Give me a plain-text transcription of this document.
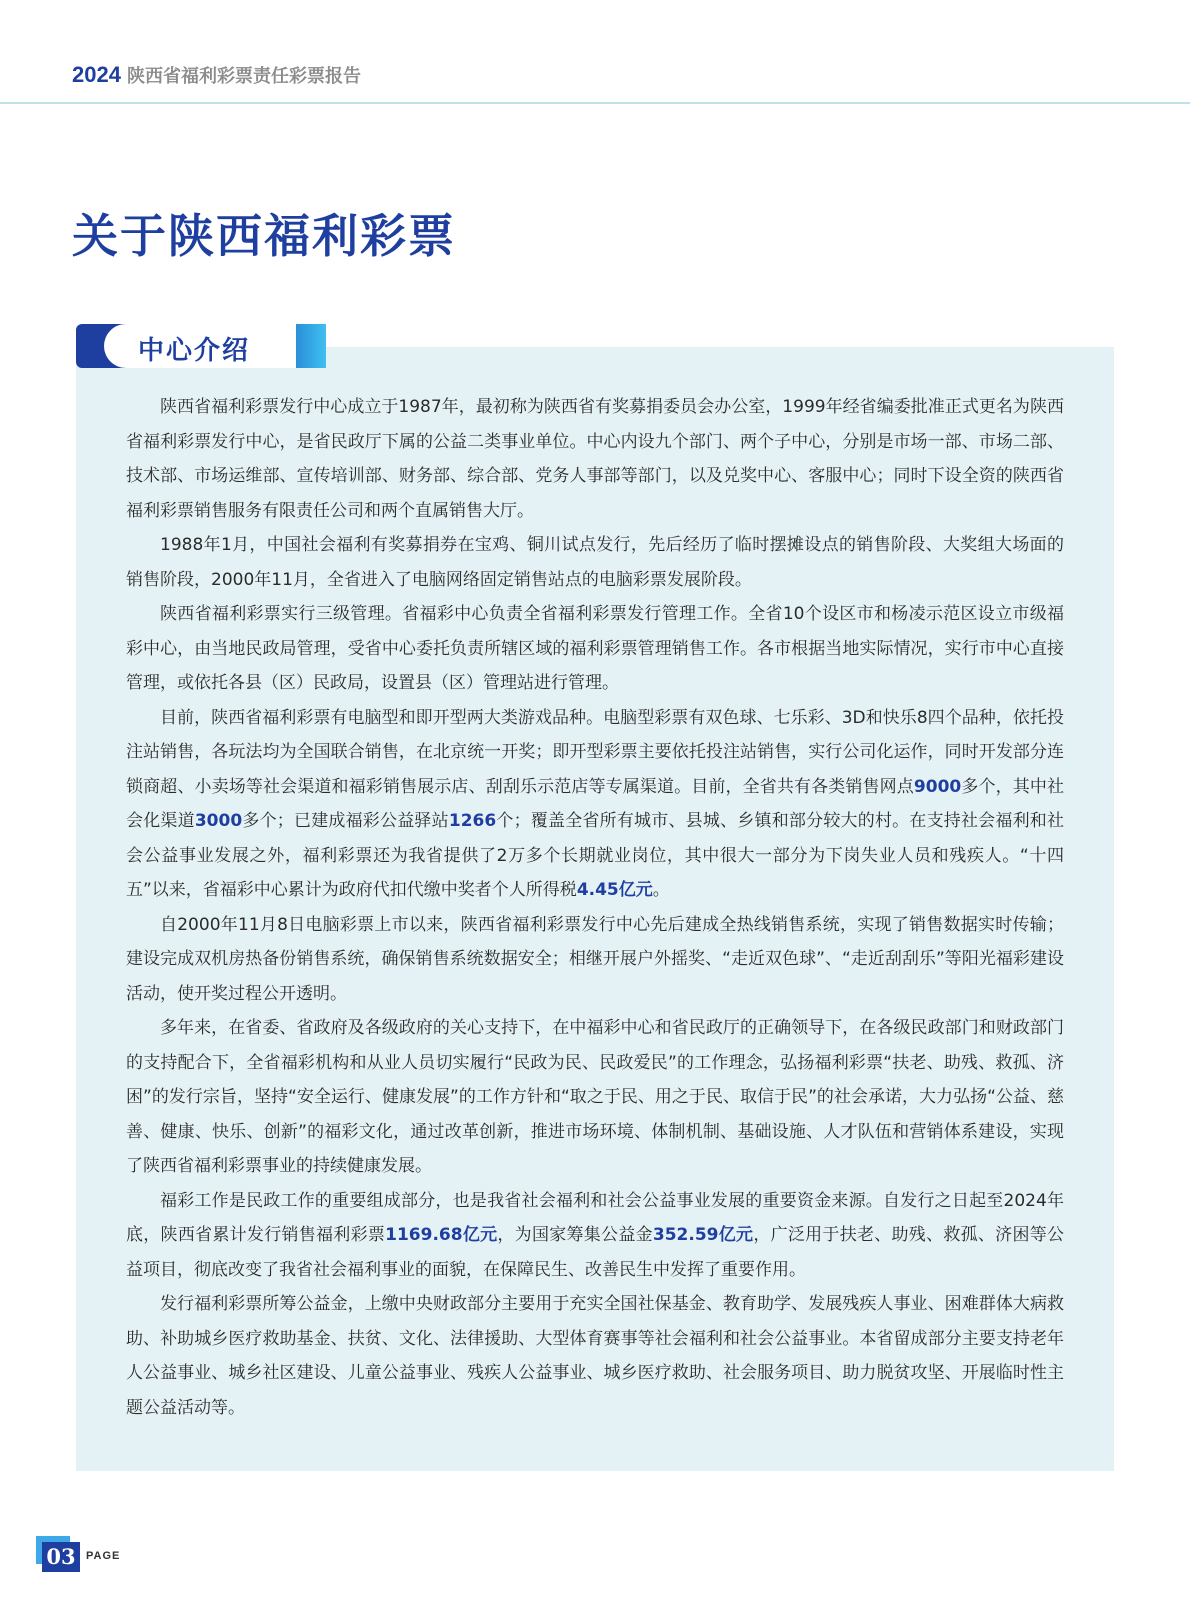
2024 陕西省福利彩票责任彩票报告
关于陕西福利彩票
中心介绍

陕西省福利彩票发行中心成立于1987年，最初称为陕西省有奖募捐委员会办公室，1999年经省编委批准正式更名为陕西省福利彩票发行中心，是省民政厅下属的公益二类事业单位。中心内设九个部门、两个子中心，分别是市场一部、市场二部、技术部、市场运维部、宣传培训部、财务部、综合部、党务人事部等部门，以及兑奖中心、客服中心；同时下设全资的陕西省福利彩票销售服务有限责任公司和两个直属销售大厅。

1988年1月，中国社会福利有奖募捐券在宝鸡、铜川试点发行，先后经历了临时摆摊设点的销售阶段、大奖组大场面的销售阶段，2000年11月，全省进入了电脑网络固定销售站点的电脑彩票发展阶段。

陕西省福利彩票实行三级管理。省福彩中心负责全省福利彩票发行管理工作。全省10个设区市和杨凌示范区设立市级福彩中心，由当地民政局管理，受省中心委托负责所辖区域的福利彩票管理销售工作。各市根据当地实际情况，实行市中心直接管理，或依托各县（区）民政局，设置县（区）管理站进行管理。

目前，陕西省福利彩票有电脑型和即开型两大类游戏品种。电脑型彩票有双色球、七乐彩、3D和快乐8四个品种，依托投注站销售，各玩法均为全国联合销售，在北京统一开奖；即开型彩票主要依托投注站销售，实行公司化运作，同时开发部分连锁商超、小卖场等社会渠道和福彩销售展示店、刮刮乐示范店等专属渠道。目前，全省共有各类销售网点9000多个，其中社会化渠道3000多个；已建成福彩公益驿站1266个；覆盖全省所有城市、县城、乡镇和部分较大的村。在支持社会福利和社会公益事业发展之外，福利彩票还为我省提供了2万多个长期就业岗位，其中很大一部分为下岗失业人员和残疾人。“十四五”以来，省福彩中心累计为政府代扣代缴中奖者个人所得税4.45亿元。

自2000年11月8日电脑彩票上市以来，陕西省福利彩票发行中心先后建成全热线销售系统，实现了销售数据实时传输；建设完成双机房热备份销售系统，确保销售系统数据安全；相继开展户外摇奖、“走近双色球”、“走近刮刮乐”等阳光福彩建设活动，使开奖过程公开透明。

多年来，在省委、省政府及各级政府的关心支持下，在中福彩中心和省民政厅的正确领导下，在各级民政部门和财政部门的支持配合下，全省福彩机构和从业人员切实履行“民政为民、民政爱民”的工作理念，弘扬福利彩票“扶老、助残、救孤、济困”的发行宗旨，坚持“安全运行、健康发展”的工作方针和“取之于民、用之于民、取信于民”的社会承诺，大力弘扬“公益、慈善、健康、快乐、创新”的福彩文化，通过改革创新，推进市场环境、体制机制、基础设施、人才队伍和营销体系建设，实现了陕西省福利彩票事业的持续健康发展。

福彩工作是民政工作的重要组成部分，也是我省社会福利和社会公益事业发展的重要资金来源。自发行之日起至2024年底，陕西省累计发行销售福利彩票1169.68亿元，为国家筹集公益金352.59亿元，广泛用于扶老、助残、救孤、济困等公益项目，彻底改变了我省社会福利事业的面貌，在保障民生、改善民生中发挥了重要作用。

发行福利彩票所筹公益金，上缴中央财政部分主要用于充实全国社保基金、教育助学、发展残疾人事业、困难群体大病救助、补助城乡医疗救助基金、扶贫、文化、法律援助、大型体育赛事等社会福利和社会公益事业。本省留成部分主要支持老年人公益事业、城乡社区建设、儿童公益事业、残疾人公益事业、城乡医疗救助、社会服务项目、助力脱贫攻坚、开展临时性主题公益活动等。

03 PAGE
